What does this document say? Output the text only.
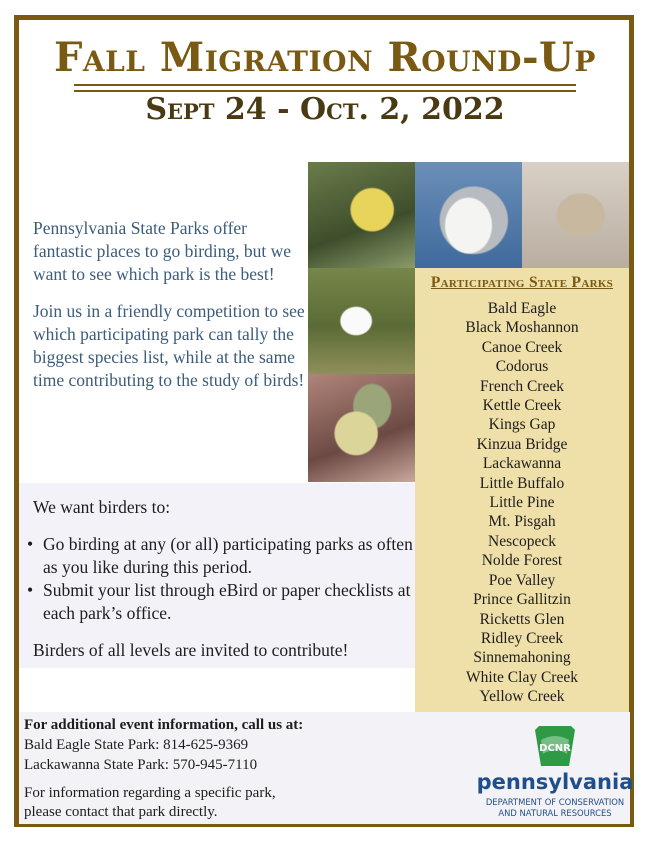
Fall Migration Round-Up
Sept 24 - Oct. 2, 2022

Pennsylvania State Parks offer fantastic places to go birding, but we want to see which park is the best!

Join us in a friendly competition to see which participating park can tally the biggest species list, while at the same time contributing to the study of birds!

Participating State Parks
Bald Eagle
Black Moshannon
Canoe Creek
Codorus
French Creek
Kettle Creek
Kings Gap
Kinzua Bridge
Lackawanna
Little Buffalo
Little Pine
Mt. Pisgah
Nescopeck
Nolde Forest
Poe Valley
Prince Gallitzin
Ricketts Glen
Ridley Creek
Sinnemahoning
White Clay Creek
Yellow Creek

We want birders to:

• Go birding at any (or all) participating parks as often as you like during this period.
• Submit your list through eBird or paper checklists at each park’s office.

Birders of all levels are invited to contribute!

For additional event information, call us at:
Bald Eagle State Park: 814-625-9369
Lackawanna State Park: 570-945-7110
For information regarding a specific park,
please contact that park directly.
DCNR
pennsylvania
DEPARTMENT OF CONSERVATION
AND NATURAL RESOURCES
